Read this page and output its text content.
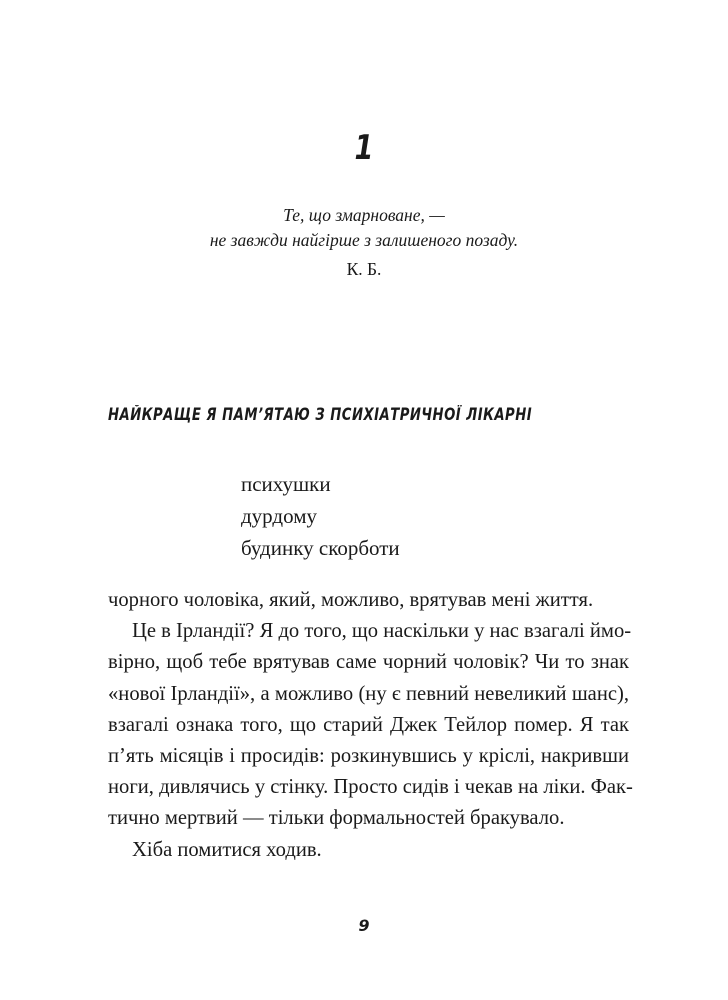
1
Те, що змарноване, —
не завжди найгірше з залишеного позаду.
К. Б.
НАЙКРАЩЕ Я ПАМ’ЯТАЮ З ПСИХІАТРИЧНОЇ ЛІКАРНІ
психушки
дурдому
будинку скорботи

чорного чоловіка, який, можливо, врятував мені життя.

Це в Ірландії? Я до того, що наскільки у нас взагалі ймо-
вірно, щоб тебе врятував саме чорний чоловік? Чи то знак
«нової Ірландії», а можливо (ну є певний невеликий шанс),
взагалі ознака того, що старий Джек Тейлор помер. Я так
п’ять місяців і просидів: розкинувшись у кріслі, накривши
ноги, дивлячись у стінку. Просто сидів і чекав на ліки. Фак-
тично мертвий — тільки формальностей бракувало.

Хіба помитися ходив.

9
